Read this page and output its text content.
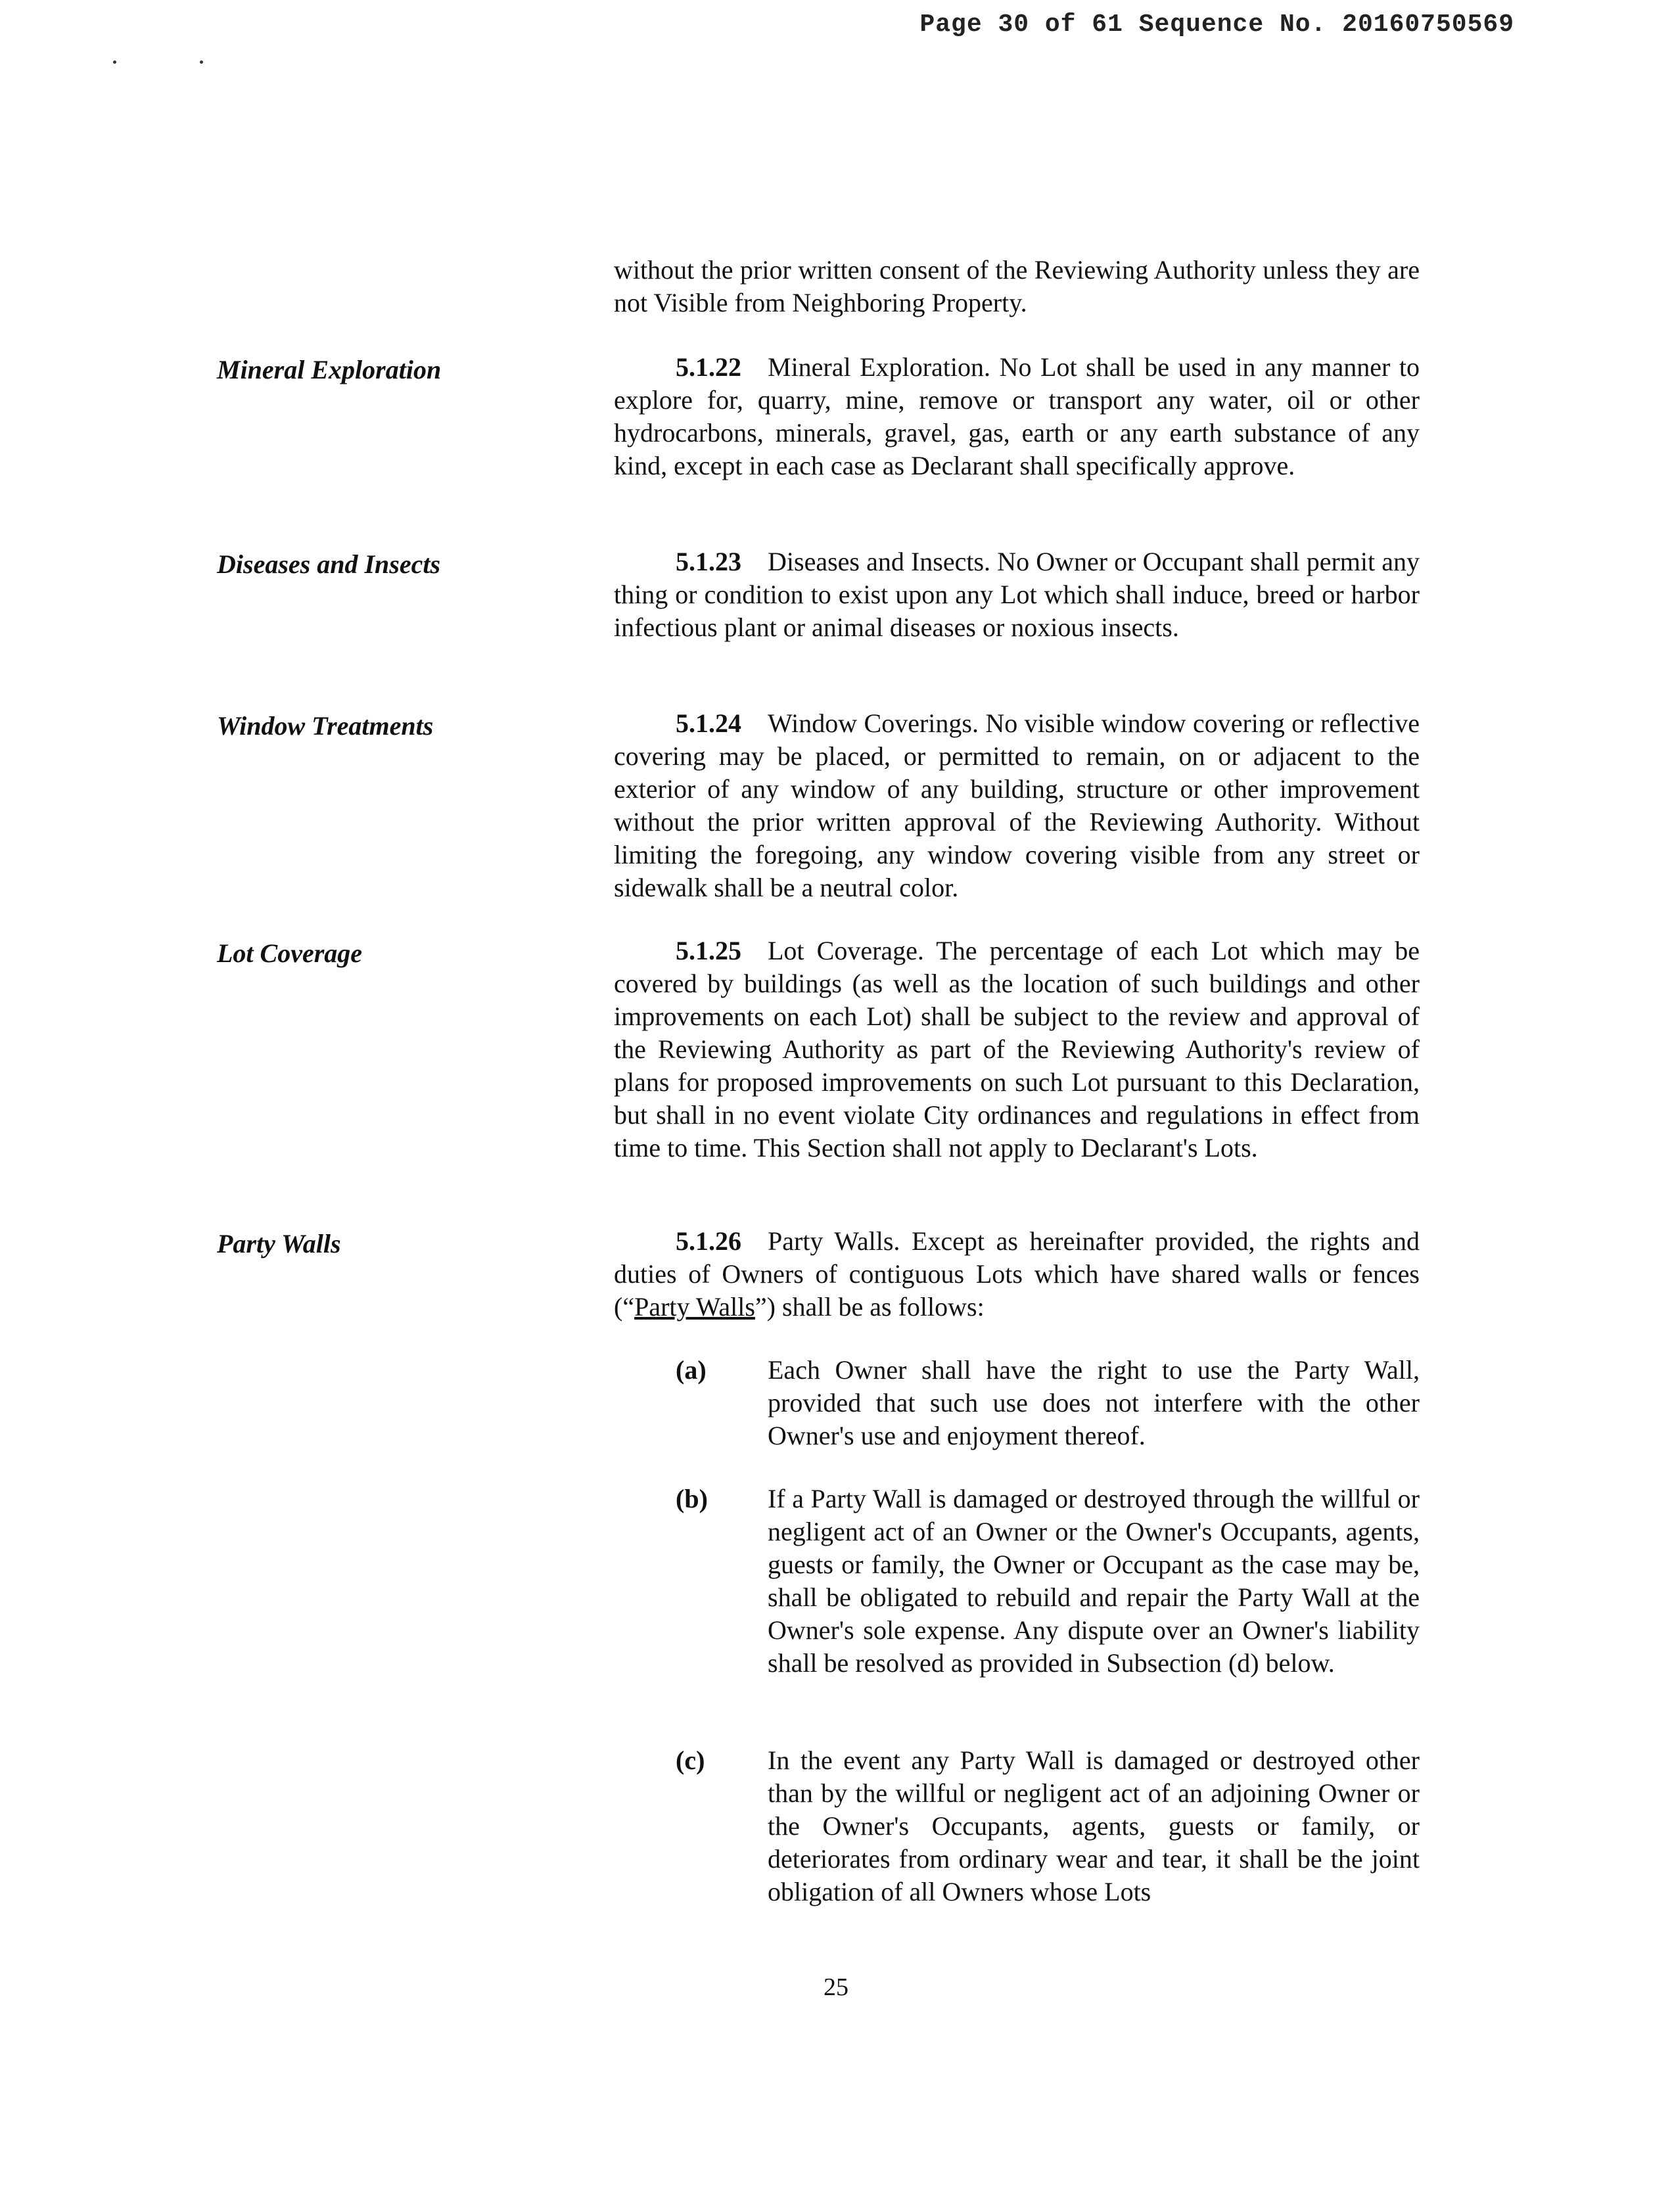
Page 30 of 61 Sequence No. 20160750569
without the prior written consent of the Reviewing Authority unless they are not Visible from Neighboring Property.
Mineral Exploration	5.1.22 Mineral Exploration. No Lot shall be used in any manner to explore for, quarry, mine, remove or transport any water, oil or other hydrocarbons, minerals, gravel, gas, earth or any earth substance of any kind, except in each case as Declarant shall specifically approve.
Diseases and Insects	5.1.23 Diseases and Insects. No Owner or Occupant shall permit any thing or condition to exist upon any Lot which shall induce, breed or harbor infectious plant or animal diseases or noxious insects.
Window Treatments	5.1.24 Window Coverings. No visible window covering or reflective covering may be placed, or permitted to remain, on or adjacent to the exterior of any window of any building, structure or other improvement without the prior written approval of the Reviewing Authority. Without limiting the foregoing, any window covering visible from any street or sidewalk shall be a neutral color.
Lot Coverage	5.1.25 Lot Coverage. The percentage of each Lot which may be covered by buildings (as well as the location of such buildings and other improvements on each Lot) shall be subject to the review and approval of the Reviewing Authority as part of the Reviewing Authority's review of plans for proposed improvements on such Lot pursuant to this Declaration, but shall in no event violate City ordinances and regulations in effect from time to time. This Section shall not apply to Declarant's Lots.
Party Walls	5.1.26 Party Walls. Except as hereinafter provided, the rights and duties of Owners of contiguous Lots which have shared walls or fences (“Party Walls”) shall be as follows:
(a) Each Owner shall have the right to use the Party Wall, provided that such use does not interfere with the other Owner's use and enjoyment thereof.
(b) If a Party Wall is damaged or destroyed through the willful or negligent act of an Owner or the Owner's Occupants, agents, guests or family, the Owner or Occupant as the case may be, shall be obligated to rebuild and repair the Party Wall at the Owner's sole expense. Any dispute over an Owner's liability shall be resolved as provided in Subsection (d) below.
(c) In the event any Party Wall is damaged or destroyed other than by the willful or negligent act of an adjoining Owner or the Owner's Occupants, agents, guests or family, or deteriorates from ordinary wear and tear, it shall be the joint obligation of all Owners whose Lots
25
